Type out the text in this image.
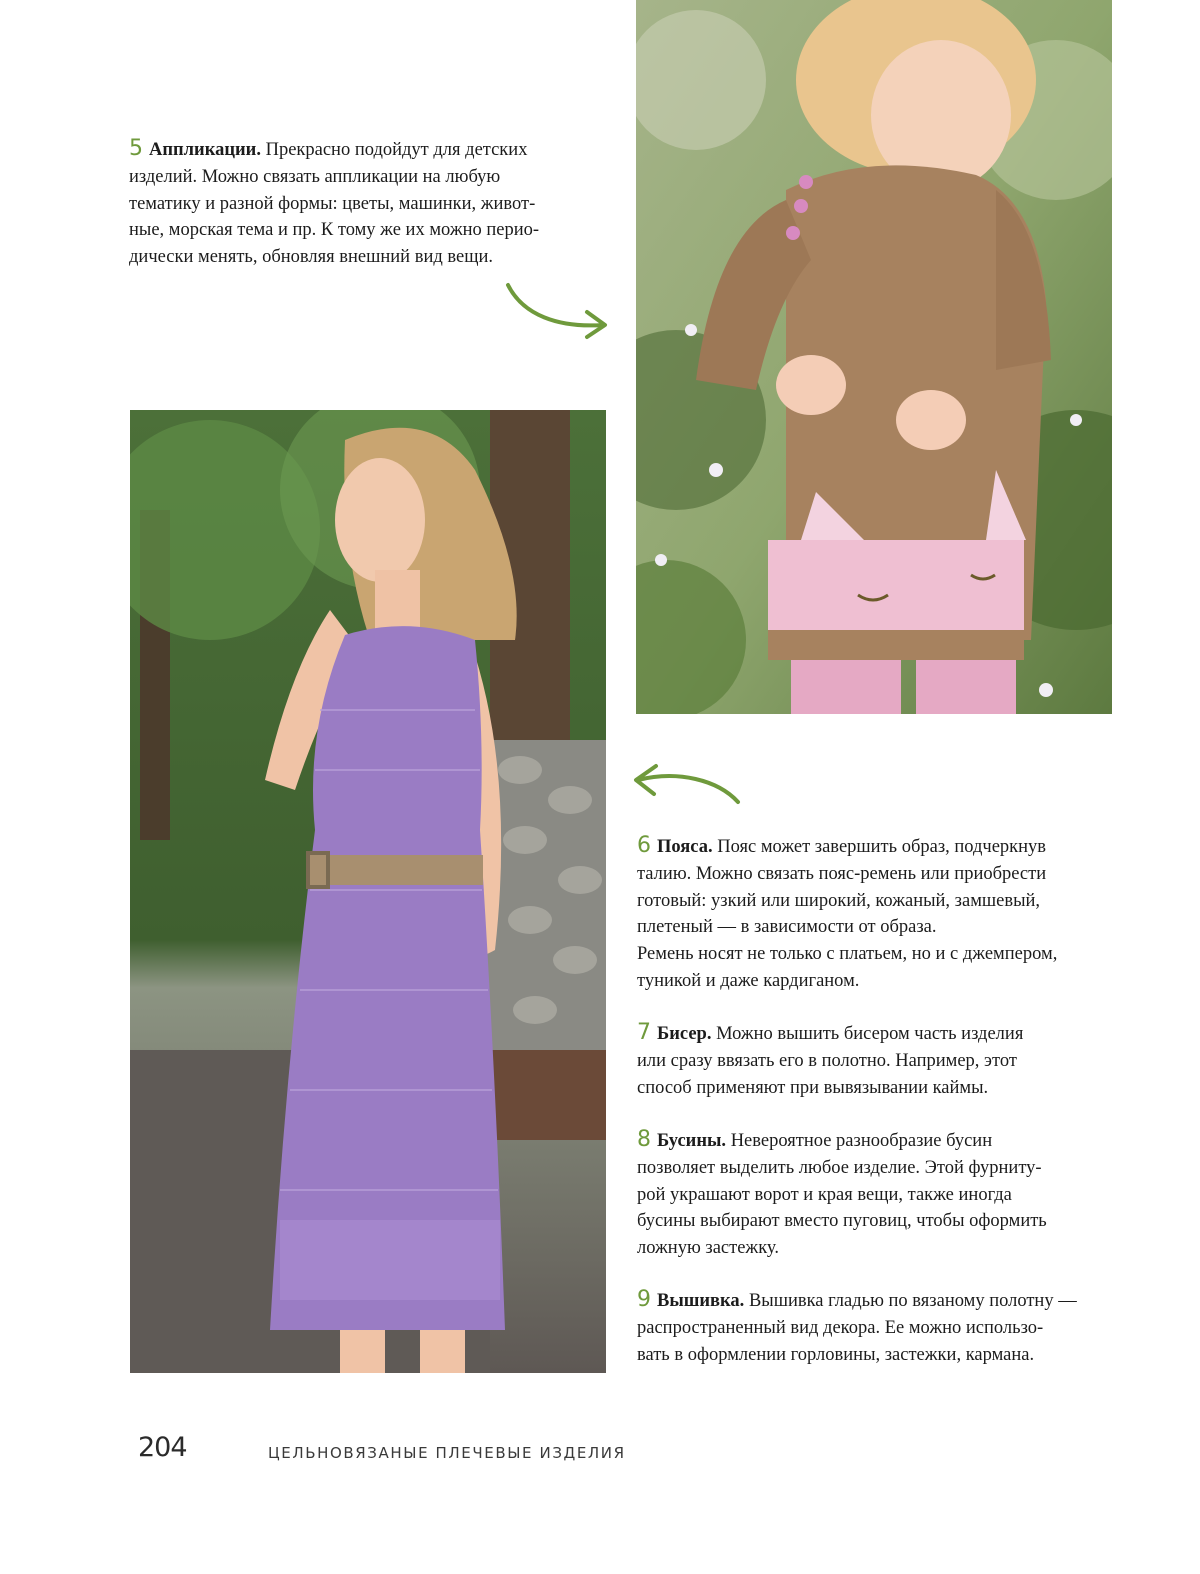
5 Аппликации. Прекрасно подойдут для детских

изделий. Можно связать аппликации на любую

тематику и разной формы: цветы, машинки, живот-

ные, морская тема и пр. К тому же их можно перио-

дически менять, обновляя внешний вид вещи.

6 Пояса. Пояс может завершить образ, подчеркнув

талию. Можно связать пояс-ремень или приобрести

готовый: узкий или широкий, кожаный, замшевый,

плетеный — в зависимости от образа.

Ремень носят не только с платьем, но и с джемпером,

туникой и даже кардиганом.

7 Бисер. Можно вышить бисером часть изделия

или сразу ввязать его в полотно. Например, этот

способ применяют при вывязывании каймы.

8 Бусины. Невероятное разнообразие бусин

позволяет выделить любое изделие. Этой фурниту-

рой украшают ворот и края вещи, также иногда

бусины выбирают вместо пуговиц, чтобы оформить

ложную застежку.

9 Вышивка. Вышивка гладью по вязаному полотну —

распространенный вид декора. Ее можно использо-

вать в оформлении горловины, застежки, кармана.

204	ЦЕЛЬНОВЯЗАНЫЕ ПЛЕЧЕВЫЕ ИЗДЕЛИЯ
